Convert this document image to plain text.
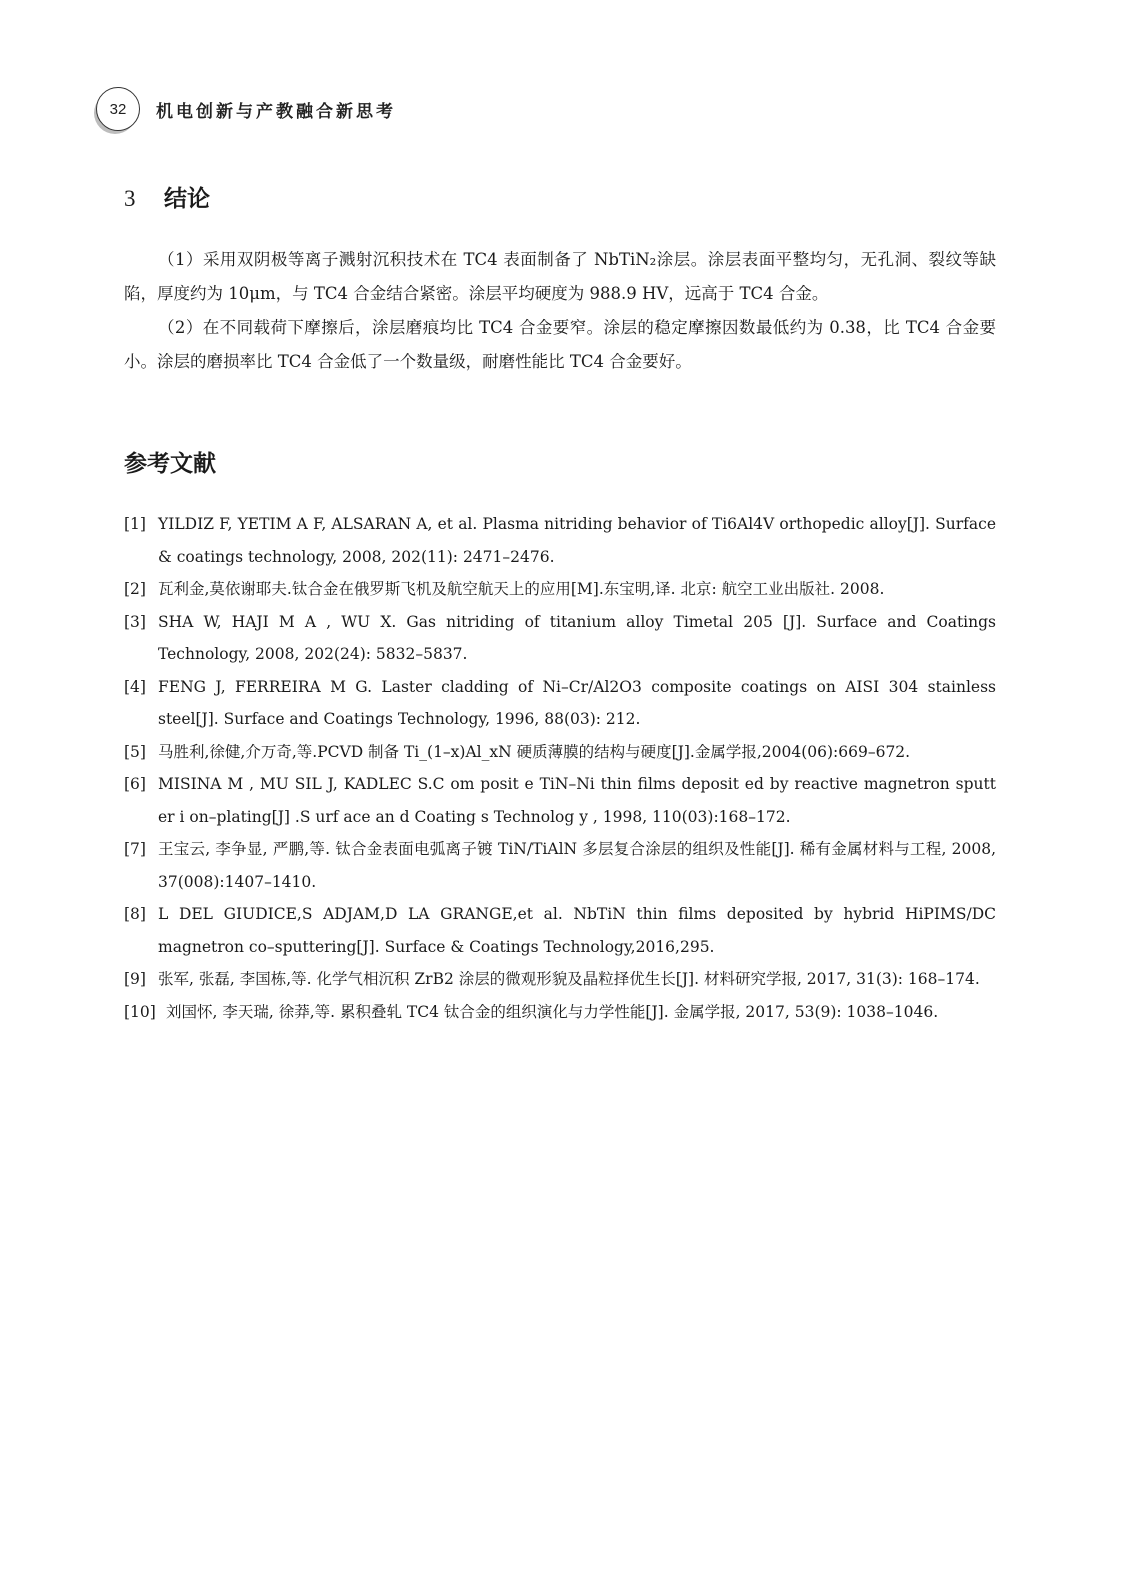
32 机电创新与产教融合新思考
3	结论

（1）采用双阴极等离子溅射沉积技术在 TC4 表面制备了 NbTiN₂涂层。涂层表面平整均匀，无孔洞、裂纹等缺陷，厚度约为 10μm，与 TC4 合金结合紧密。涂层平均硬度为 988.9 HV，远高于 TC4 合金。

（2）在不同载荷下摩擦后，涂层磨痕均比 TC4 合金要窄。涂层的稳定摩擦因数最低约为 0.38，比 TC4 合金要小。涂层的磨损率比 TC4 合金低了一个数量级，耐磨性能比 TC4 合金要好。

参考文献
[1] YILDIZ F, YETIM A F, ALSARAN A, et al. Plasma nitriding behavior of Ti6Al4V orthopedic alloy[J]. Surface & coatings technology, 2008, 202(11): 2471–2476.
[2] 瓦利金,莫依谢耶夫.钛合金在俄罗斯飞机及航空航天上的应用[M].东宝明,译. 北京: 航空工业出版社. 2008.
[3] SHA W, HAJI M A , WU X. Gas nitriding of titanium alloy Timetal 205 [J]. Surface and Coatings Technology, 2008, 202(24): 5832–5837.
[4] FENG J, FERREIRA M G. Laster cladding of Ni–Cr/Al2O3 composite coatings on AISI 304 stainless steel[J]. Surface and Coatings Technology, 1996, 88(03): 212.
[5] 马胜利,徐健,介万奇,等.PCVD 制备 Ti_(1–x)Al_xN 硬质薄膜的结构与硬度[J].金属学报,2004(06):669–672.
[6] MISINA M , MU SIL J, KADLEC S.C om posit e TiN–Ni thin films deposit ed by reactive magnetron sputt er i on–plating[J] .S urf ace an d Coating s Technolog y , 1998, 110(03):168–172.
[7] 王宝云, 李争显, 严鹏,等. 钛合金表面电弧离子镀 TiN/TiAlN 多层复合涂层的组织及性能[J]. 稀有金属材料与工程, 2008, 37(008):1407–1410.
[8] L DEL GIUDICE,S ADJAM,D LA GRANGE,et al. NbTiN thin films deposited by hybrid HiPIMS/DC magnetron co–sputtering[J]. Surface & Coatings Technology,2016,295.
[9] 张军, 张磊, 李国栋,等. 化学气相沉积 ZrB2 涂层的微观形貌及晶粒择优生长[J]. 材料研究学报, 2017, 31(3): 168–174.
[10] 刘国怀, 李天瑞, 徐莽,等. 累积叠轧 TC4 钛合金的组织演化与力学性能[J]. 金属学报, 2017, 53(9): 1038–1046.
